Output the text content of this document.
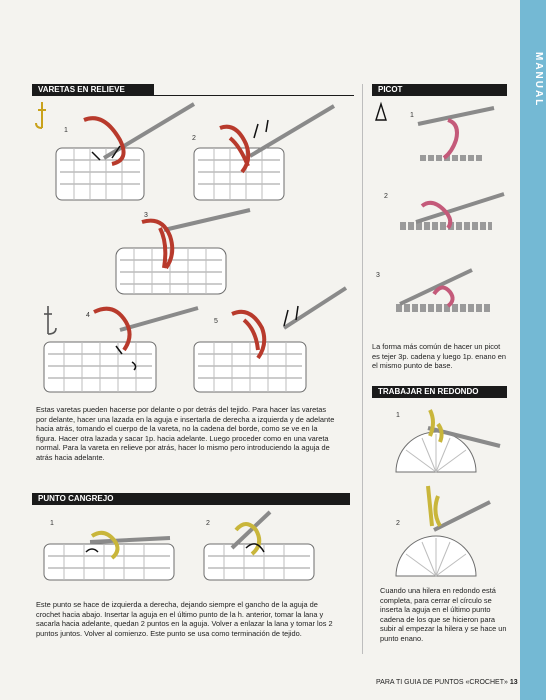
MANUAL
VARETAS EN RELIEVE
1
2
3
4
5

Estas varetas pueden hacerse por delante o por detrás del tejido. Para hacer las varetas por delante, hacer una lazada en la aguja e insertarla de derecha a izquierda y de adelante hacia atrás, tomando el cuerpo de la vareta, no la cadena del borde, como se ve en la figura. Hacer otra lazada y sacar 1p. hacia adelante. Luego proceder como en una vareta normal. Para la vareta en relieve por atrás, hacer lo mismo pero introduciendo la aguja de atrás hacia adelante.

PUNTO CANGREJO
1	2

Este punto se hace de izquierda a derecha, dejando siempre el gancho de la aguja de crochet hacia abajo. Insertar la aguja en el último punto de la h. anterior, tomar la lana y sacarla hacia adelante, quedan 2 puntos en la aguja. Volver a enlazar la lana y tomar los 2 puntos juntos. Volver al comienzo. Este punto se usa como terminación de tejido.

PICOT
1
2
3

La forma más común de hacer un picot es tejer 3p. cadena y luego 1p. enano en el mismo punto de base.

TRABAJAR EN REDONDO
1
2

Cuando una hilera en redondo está completa, para cerrar el círculo se inserta la aguja en el último punto cadena de los que se hicieron para subir al empezar la hilera y se hace un punto enano.

PARA TI GUIA DE PUNTOS «CROCHET» 13
